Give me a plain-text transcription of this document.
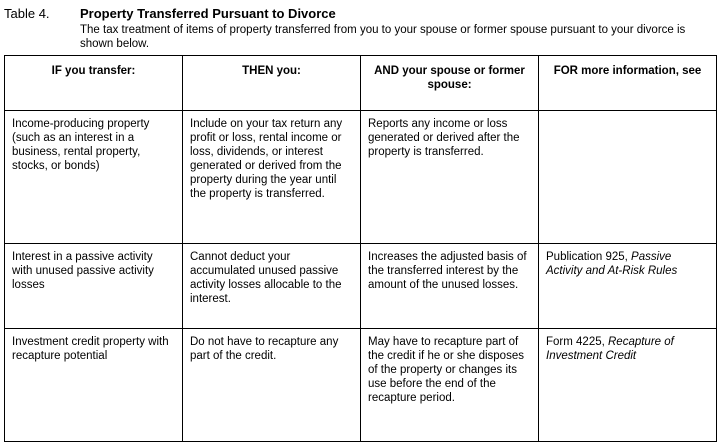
Table 4.	Property Transferred Pursuant to Divorce
The tax treatment of items of property transferred from you to your spouse or former spouse pursuant to your divorce is shown below.
IF you transfer:	THEN you:	AND your spouse or former spouse:	FOR more information, see
Income-producing property (such as an interest in a business, rental property, stocks, or bonds)	Include on your tax return any profit or loss, rental income or loss, dividends, or interest generated or derived from the property during the year until the property is transferred.	Reports any income or loss generated or derived after the property is transferred.	
Interest in a passive activity with unused passive activity losses	Cannot deduct your accumulated unused passive activity losses allocable to the interest.	Increases the adjusted basis of the transferred interest by the amount of the unused losses.	Publication 925, Passive Activity and At-Risk Rules
Investment credit property with recapture potential	Do not have to recapture any part of the credit.	May have to recapture part of the credit if he or she disposes of the property or changes its use before the end of the recapture period.	Form 4225, Recapture of Investment Credit
